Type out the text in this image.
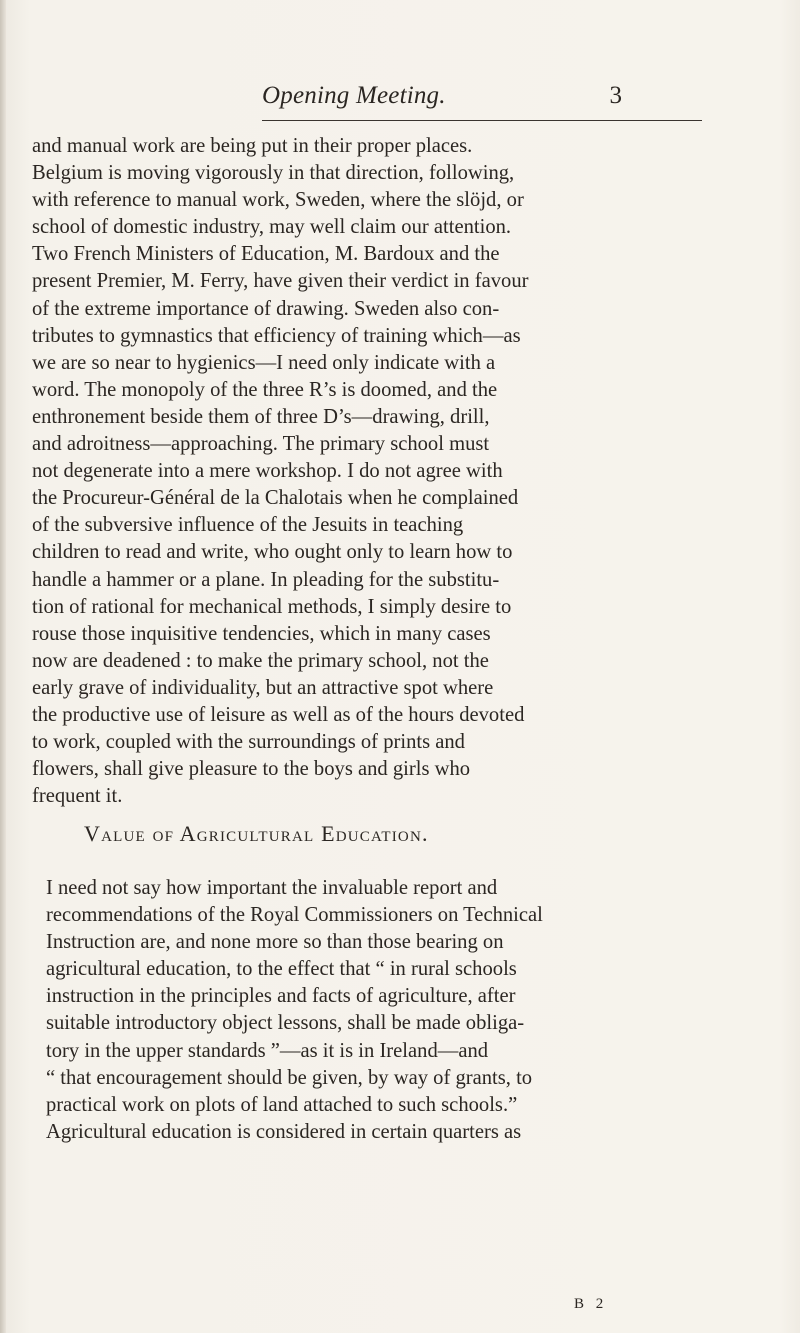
Opening Meeting.	3
and manual work are being put in their proper places.
Belgium is moving vigorously in that direction, following,
with reference to manual work, Sweden, where the slöjd, or
school of domestic industry, may well claim our attention.
Two French Ministers of Education, M. Bardoux and the
present Premier, M. Ferry, have given their verdict in favour
of the extreme importance of drawing. Sweden also con-
tributes to gymnastics that efficiency of training which—as
we are so near to hygienics—I need only indicate with a
word. The monopoly of the three R’s is doomed, and the
enthronement beside them of three D’s—drawing, drill,
and adroitness—approaching. The primary school must
not degenerate into a mere workshop. I do not agree with
the Procureur-Général de la Chalotais when he complained
of the subversive influence of the Jesuits in teaching
children to read and write, who ought only to learn how to
handle a hammer or a plane. In pleading for the substitu-
tion of rational for mechanical methods, I simply desire to
rouse those inquisitive tendencies, which in many cases
now are deadened : to make the primary school, not the
early grave of individuality, but an attractive spot where
the productive use of leisure as well as of the hours devoted
to work, coupled with the surroundings of prints and
flowers, shall give pleasure to the boys and girls who
frequent it.
Value of Agricultural Education.
I need not say how important the invaluable report and
recommendations of the Royal Commissioners on Technical
Instruction are, and none more so than those bearing on
agricultural education, to the effect that “ in rural schools
instruction in the principles and facts of agriculture, after
suitable introductory object lessons, shall be made obliga-
tory in the upper standards ”—as it is in Ireland—and
“ that encouragement should be given, by way of grants, to
practical work on plots of land attached to such schools.”
Agricultural education is considered in certain quarters as
B 2
